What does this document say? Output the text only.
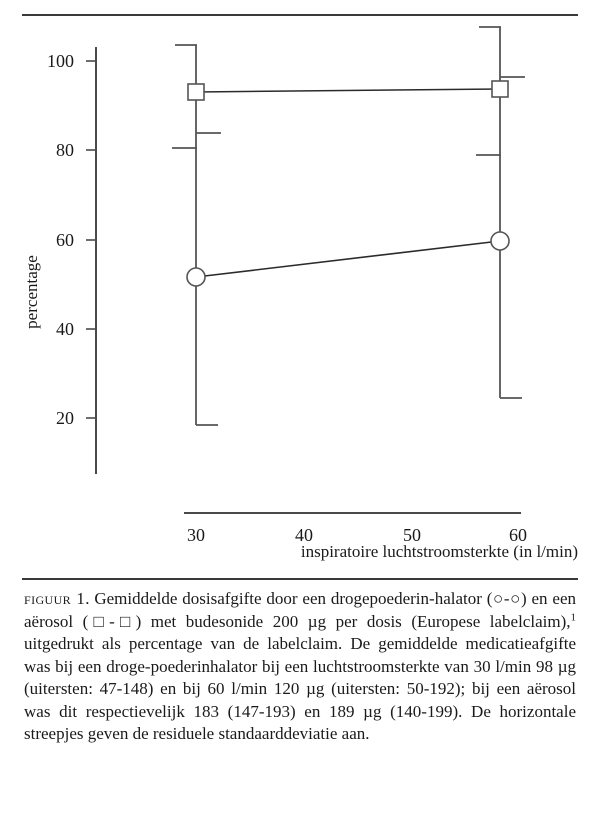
100
80
60
40
20
30	40	50	60
percentage
inspiratoire luchtstroomsterkte (in l/min)
figuur 1. Gemiddelde dosisafgifte door een drogepoederin-halator (○-○) en een aërosol (□-□) met budesonide 200 µg per dosis (Europese labelclaim),$^1$ uitgedrukt als percentage van de labelclaim. De gemiddelde medicatieafgifte was bij een droge-poederinhalator bij een luchtstroomsterkte van 30 l/min 98 µg (uitersten: 47-148) en bij 60 l/min 120 µg (uitersten: 50-192); bij een aërosol was dit respectievelijk 183 (147-193) en 189 µg (140-199). De horizontale streepjes geven de residuele standaarddeviatie aan.
